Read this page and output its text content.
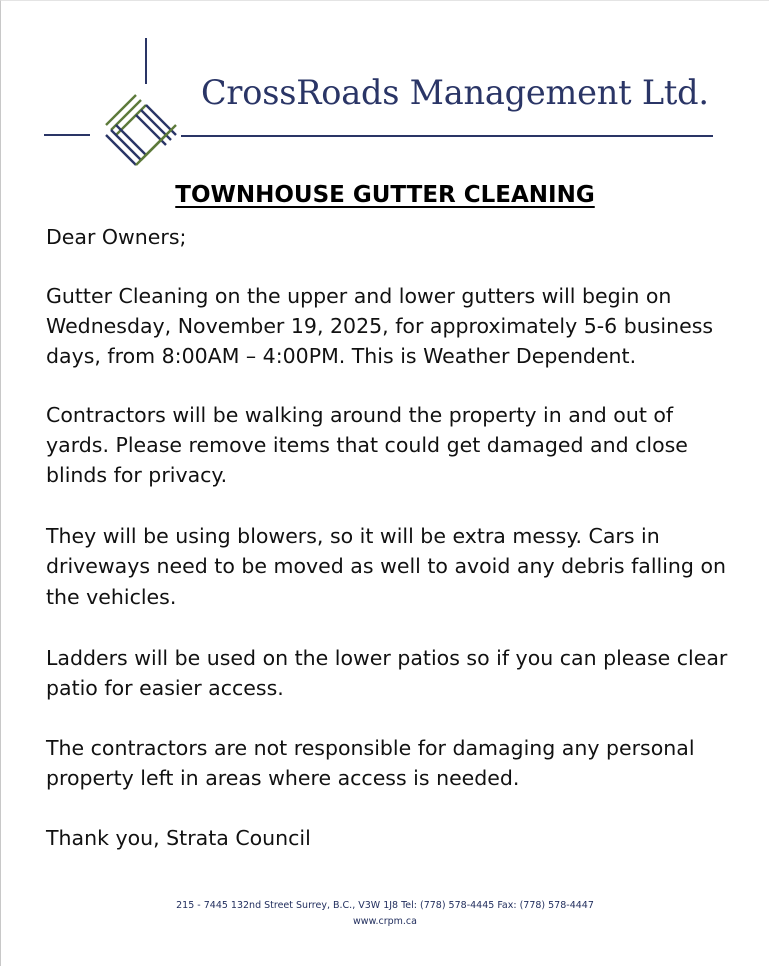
CrossRoads Management Ltd.
TOWNHOUSE GUTTER CLEANING

Dear Owners;

Gutter Cleaning on the upper and lower gutters will begin on

Wednesday, November 19, 2025, for approximately 5-6 business

days, from 8:00AM – 4:00PM. This is Weather Dependent.

Contractors will be walking around the property in and out of

yards. Please remove items that could get damaged and close

blinds for privacy.

They will be using blowers, so it will be extra messy. Cars in

driveways need to be moved as well to avoid any debris falling on

the vehicles.

Ladders will be used on the lower patios so if you can please clear

patio for easier access.

The contractors are not responsible for damaging any personal

property left in areas where access is needed.

Thank you, Strata Council

215 - 7445 132nd Street Surrey, B.C., V3W 1J8 Tel: (778) 578-4445 Fax: (778) 578-4447
www.crpm.ca
